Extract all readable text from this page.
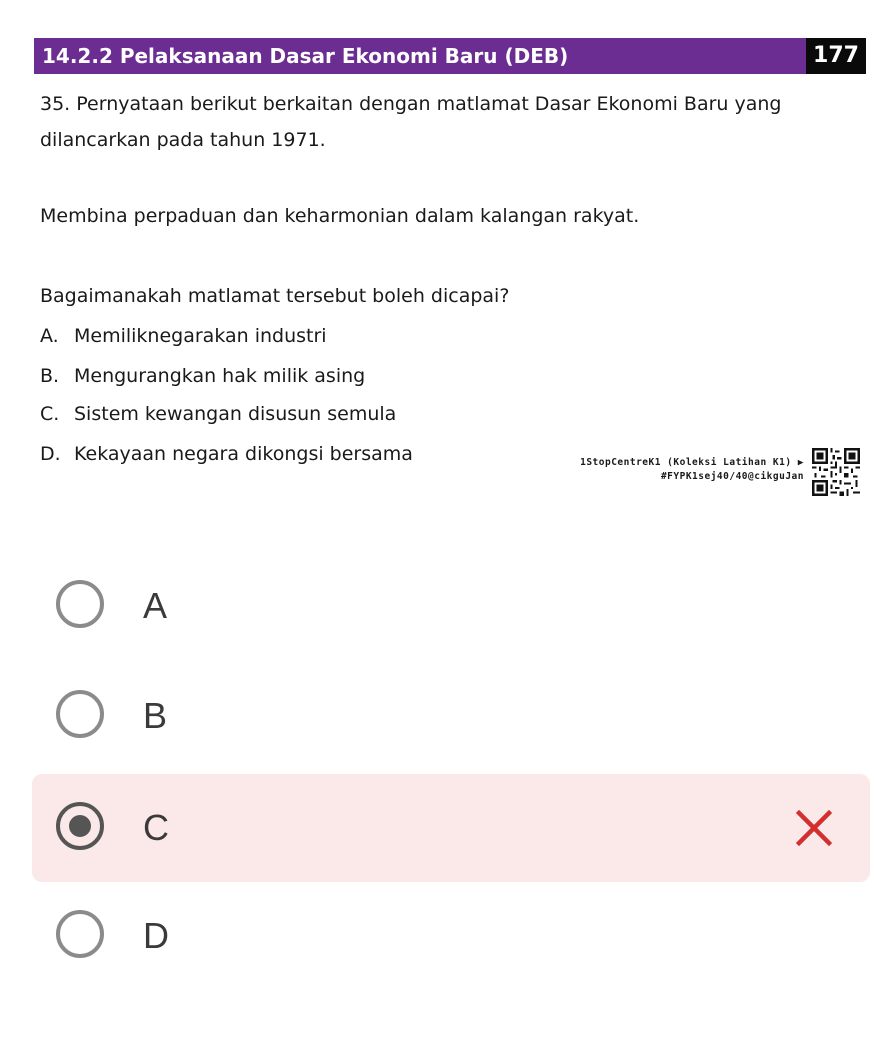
14.2.2 Pelaksanaan Dasar Ekonomi Baru (DEB)	177
35. Pernyataan berikut berkaitan dengan matlamat Dasar Ekonomi Baru yang
dilancarkan pada tahun 1971.
Membina perpaduan dan keharmonian dalam kalangan rakyat.
Bagaimanakah matlamat tersebut boleh dicapai?
A. Memiliknegarakan industri
B. Mengurangkan hak milik asing
C. Sistem kewangan disusun semula
D. Kekayaan negara dikongsi bersama	1StopCentreK1 (Koleksi Latihan K1) ▶
#FYPK1sej40/40@cikguJan
A
B
C
D
